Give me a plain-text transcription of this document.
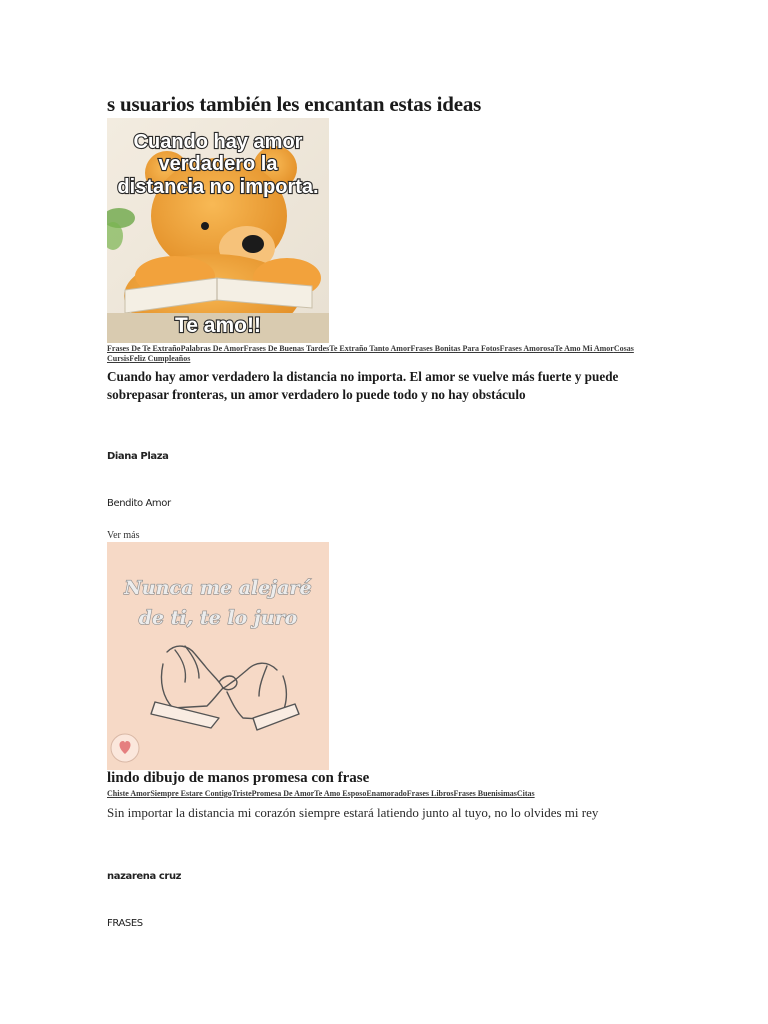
s usuarios también les encantan estas ideas
Cuando hay amor
verdadero la
distancia no importa.
Te amo!!
Frases De Te ExtrañoPalabras De AmorFrases De Buenas TardesTe Extraño Tanto AmorFrases Bonitas Para FotosFrases AmorosaTe Amo Mi AmorCosas CursisFeliz Cumpleaños

Cuando hay amor verdadero la distancia no importa. El amor se vuelve más fuerte y puede sobrepasar fronteras, un amor verdadero lo puede todo y no hay obstáculo

Diana Plaza
Bendito Amor
Ver más
Nunca me alejaré
de ti, te lo juro
lindo dibujo de manos promesa con frase
Chiste AmorSiempre Estare ContigoTristePromesa De AmorTe Amo EsposoEnamoradoFrases LibrosFrases BuenisimasCitas

Sin importar la distancia mi corazón siempre estará latiendo junto al tuyo, no lo olvides mi rey

nazarena cruz
FRASES
